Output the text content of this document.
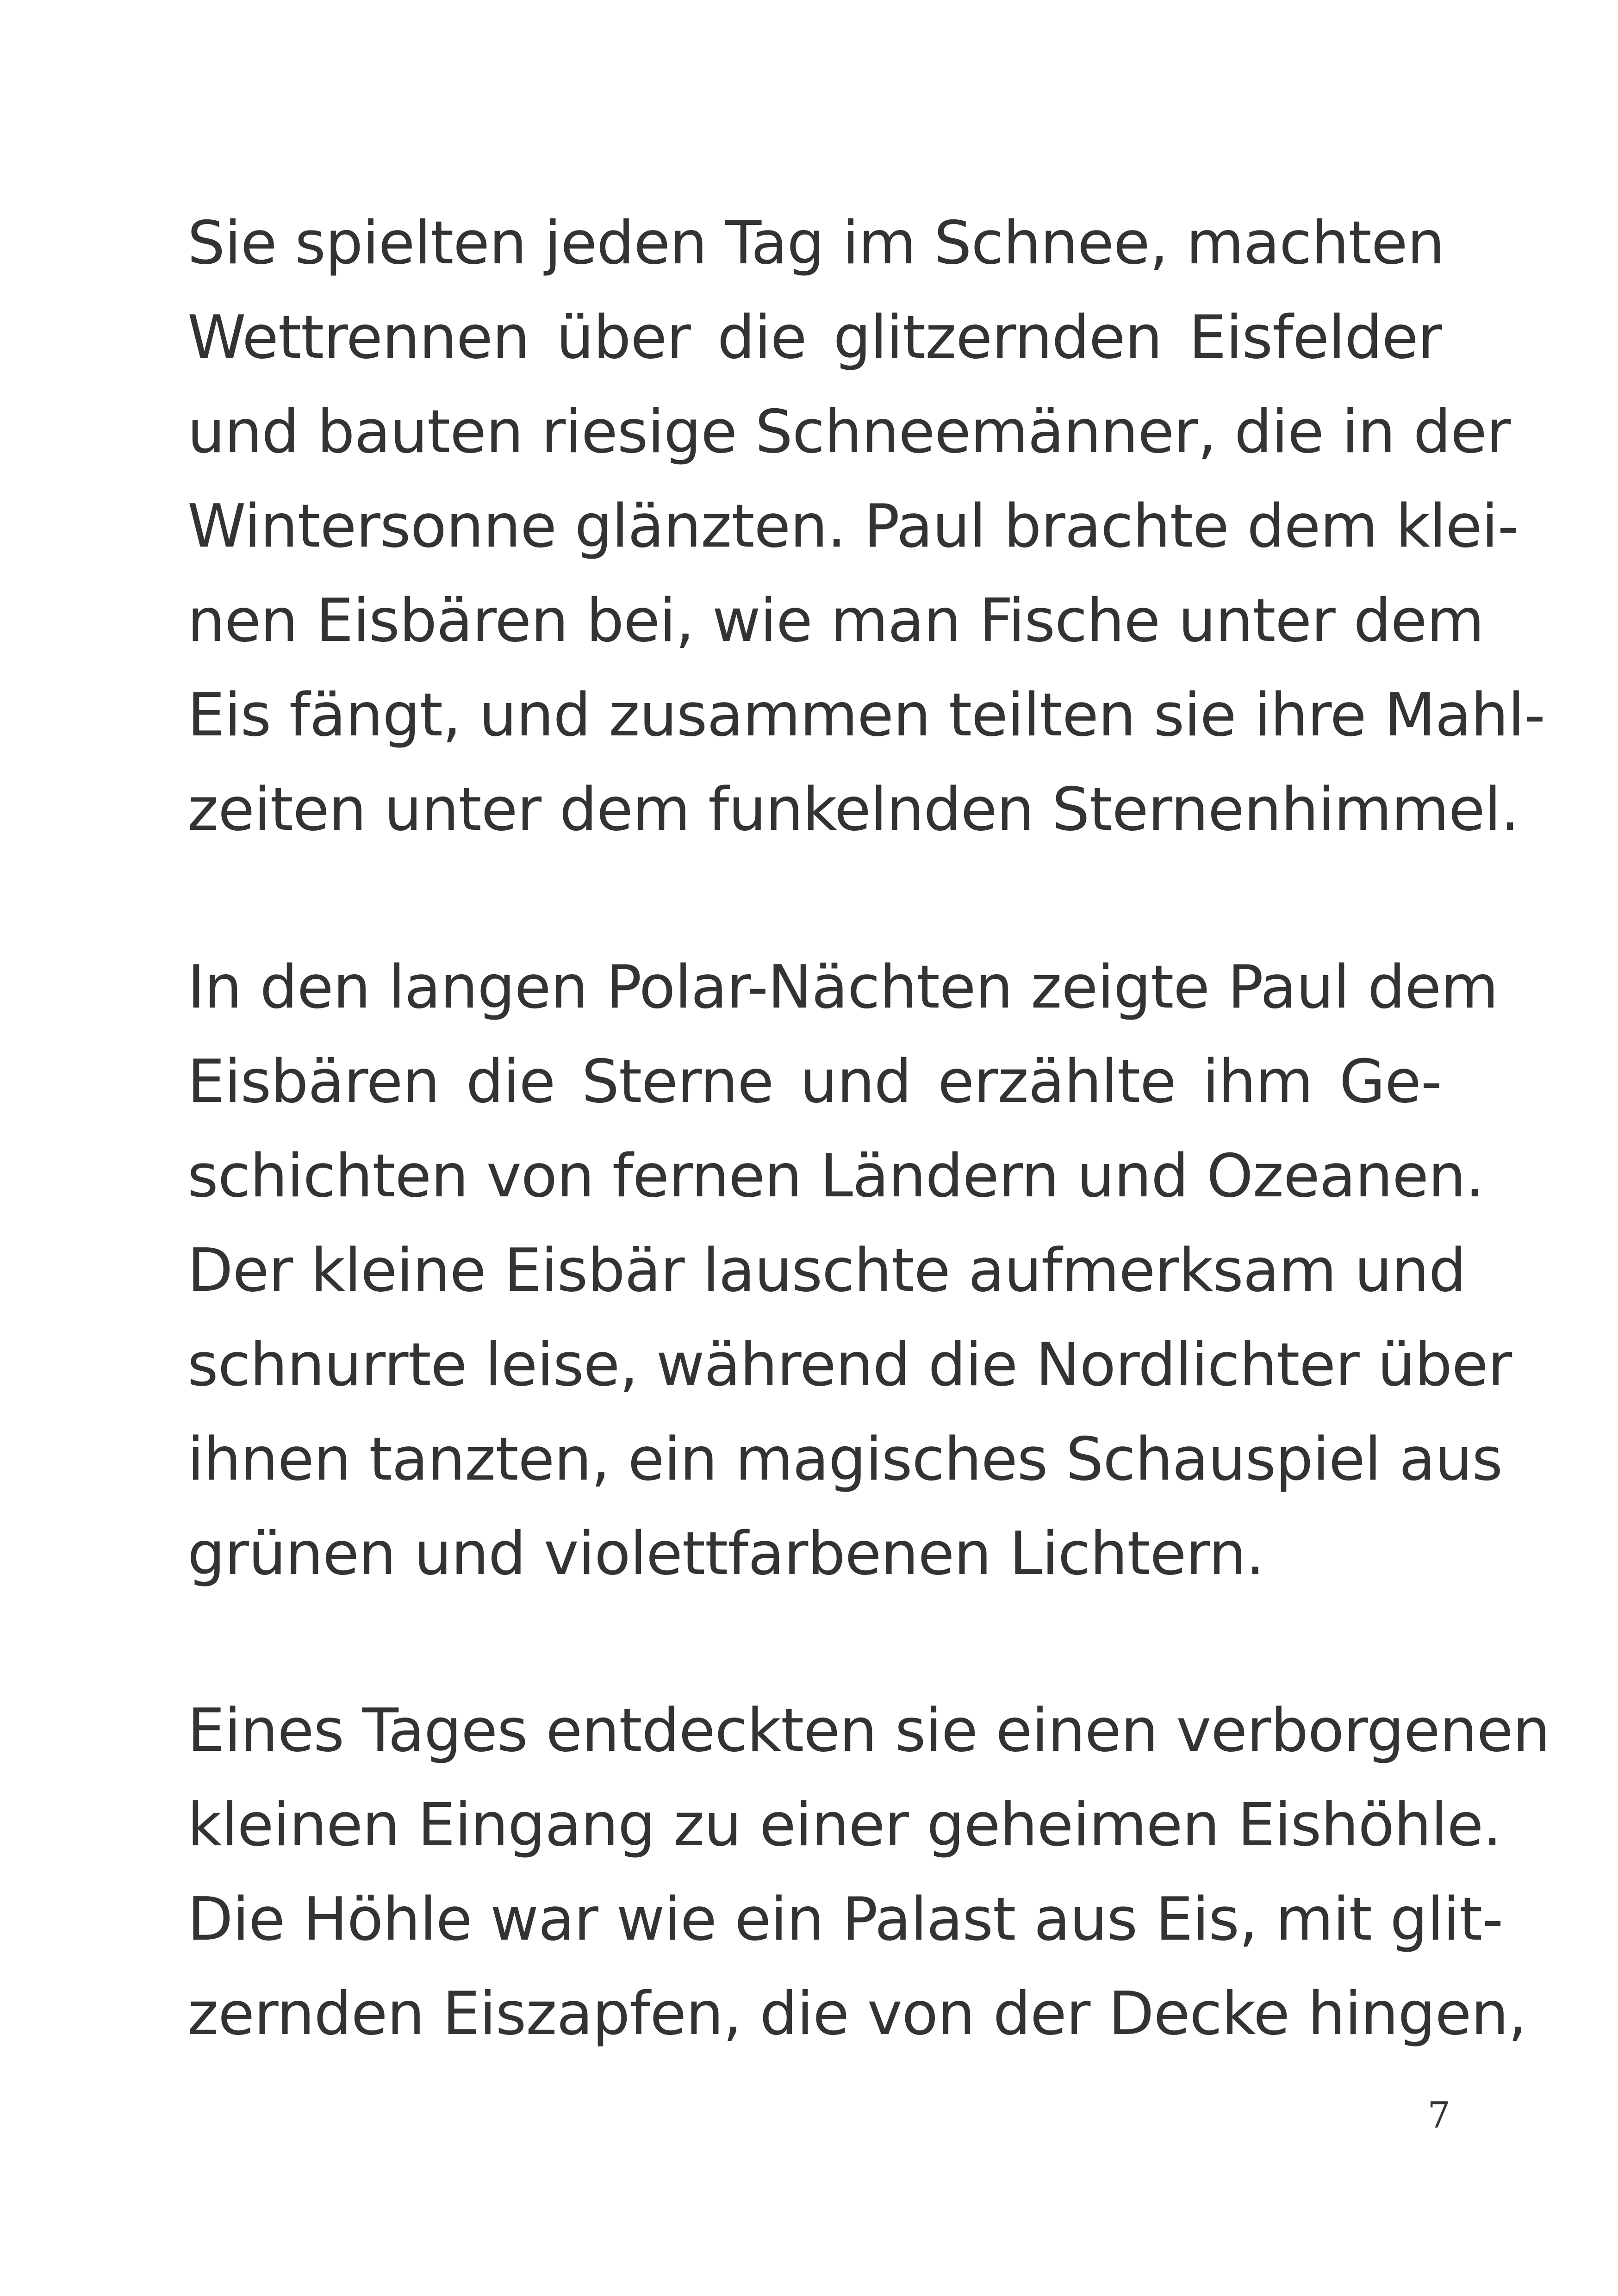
Sie spielten jeden Tag im Schnee, machten
Wettrennen über die glitzernden Eisfelder
und bauten riesige Schneemänner, die in der
Wintersonne glänzten. Paul brachte dem klei-
nen Eisbären bei, wie man Fische unter dem
Eis fängt, und zusammen teilten sie ihre Mahl-
zeiten unter dem funkelnden Sternenhimmel.
In den langen Polar-Nächten zeigte Paul dem
Eisbären die Sterne und erzählte ihm Ge-
schichten von fernen Ländern und Ozeanen.
Der kleine Eisbär lauschte aufmerksam und
schnurrte leise, während die Nordlichter über
ihnen tanzten, ein magisches Schauspiel aus
grünen und violettfarbenen Lichtern.
Eines Tages entdeckten sie einen verborgenen
kleinen Eingang zu einer geheimen Eishöhle.
Die Höhle war wie ein Palast aus Eis, mit glit-
zernden Eiszapfen, die von der Decke hingen,
7
